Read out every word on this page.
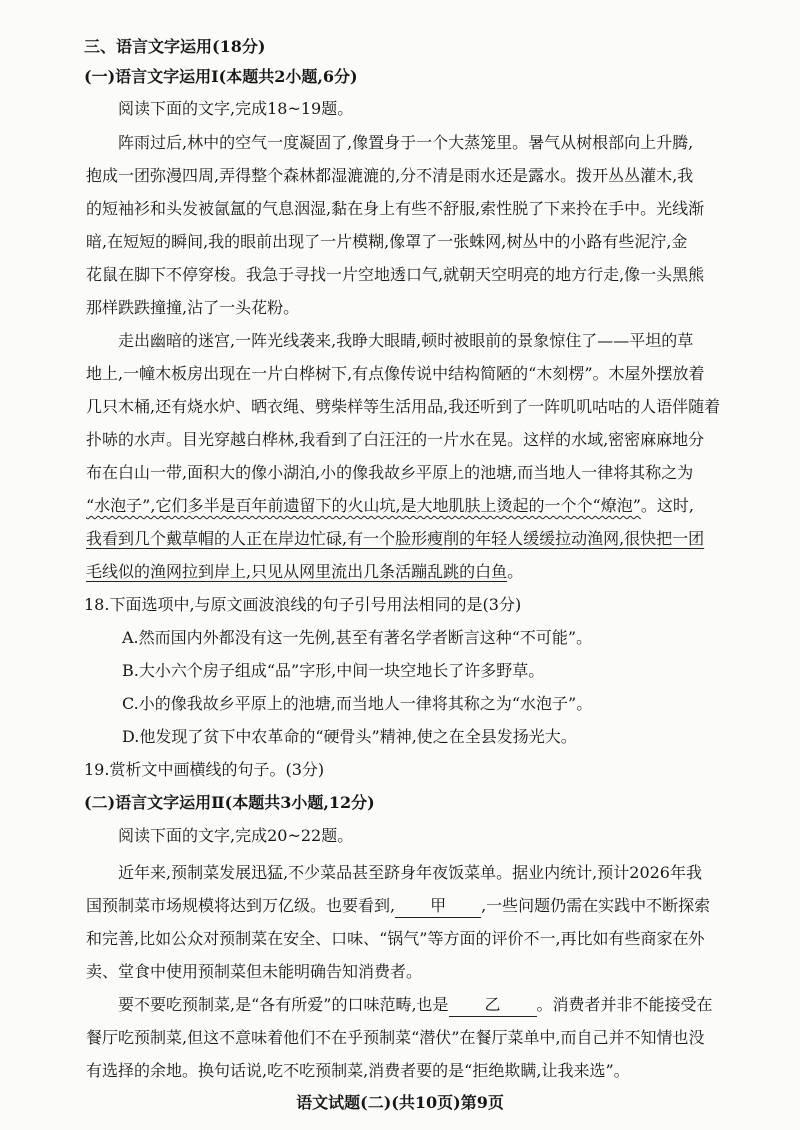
三、语言文字运用(18分)
(一)语言文字运用Ⅰ(本题共2小题,6分)
阅读下面的文字,完成18~19题。
阵雨过后,林中的空气一度凝固了,像置身于一个大蒸笼里。暑气从树根部向上升腾,
抱成一团弥漫四周,弄得整个森林都湿漉漉的,分不清是雨水还是露水。拨开丛丛灌木,我
的短袖衫和头发被氤氲的气息洇湿,黏在身上有些不舒服,索性脱了下来拎在手中。光线渐
暗,在短短的瞬间,我的眼前出现了一片模糊,像罩了一张蛛网,树丛中的小路有些泥泞,金
花鼠在脚下不停穿梭。我急于寻找一片空地透口气,就朝天空明亮的地方行走,像一头黑熊
那样跌跌撞撞,沾了一头花粉。
走出幽暗的迷宫,一阵光线袭来,我睁大眼睛,顿时被眼前的景象惊住了——平坦的草
地上,一幢木板房出现在一片白桦树下,有点像传说中结构简陋的“木刻楞”。木屋外摆放着
几只木桶,还有烧水炉、晒衣绳、劈柴样等生活用品,我还听到了一阵叽叽咕咕的人语伴随着
扑哧的水声。目光穿越白桦林,我看到了白汪汪的一片水在晃。这样的水域,密密麻麻地分
布在白山一带,面积大的像小湖泊,小的像我故乡平原上的池塘,而当地人一律将其称之为
“水泡子”,它们多半是百年前遗留下的火山坑,是大地肌肤上烫起的一个个“燎泡”。这时,
我看到几个戴草帽的人正在岸边忙碌,有一个脸形瘦削的年轻人缓缓拉动渔网,很快把一团
毛线似的渔网拉到岸上,只见从网里流出几条活蹦乱跳的白鱼。
18.下面选项中,与原文画波浪线的句子引号用法相同的是(3分)
A.然而国内外都没有这一先例,甚至有著名学者断言这种“不可能”。
B.大小六个房子组成“品”字形,中间一块空地长了许多野草。
C.小的像我故乡平原上的池塘,而当地人一律将其称之为“水泡子”。
D.他发现了贫下中农革命的“硬骨头”精神,使之在全县发扬光大。
19.赏析文中画横线的句子。(3分)
(二)语言文字运用Ⅱ(本题共3小题,12分)
阅读下面的文字,完成20~22题。
近年来,预制菜发展迅猛,不少菜品甚至跻身年夜饭菜单。据业内统计,预计2026年我
国预制菜市场规模将达到万亿级。也要看到, 甲 ,一些问题仍需在实践中不断探索
和完善,比如公众对预制菜在安全、口味、“锅气”等方面的评价不一,再比如有些商家在外
卖、堂食中使用预制菜但未能明确告知消费者。
要不要吃预制菜,是“各有所爱”的口味范畴,也是 乙 。消费者并非不能接受在
餐厅吃预制菜,但这不意味着他们不在乎预制菜“潜伏”在餐厅菜单中,而自己并不知情也没
有选择的余地。换句话说,吃不吃预制菜,消费者要的是“拒绝欺瞒,让我来选”。
语文试题(二)(共10页)第9页
